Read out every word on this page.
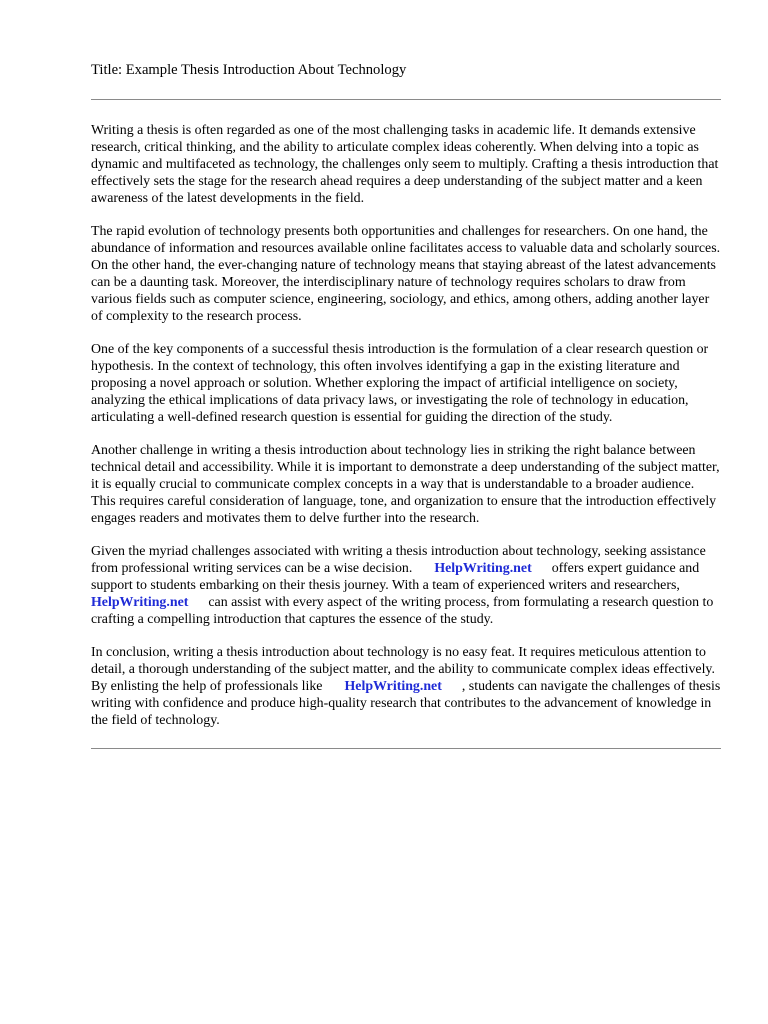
Title: Example Thesis Introduction About Technology

Writing a thesis is often regarded as one of the most challenging tasks in academic life. It demands extensive research, critical thinking, and the ability to articulate complex ideas coherently. When delving into a topic as dynamic and multifaceted as technology, the challenges only seem to multiply. Crafting a thesis introduction that effectively sets the stage for the research ahead requires a deep understanding of the subject matter and a keen awareness of the latest developments in the field.

The rapid evolution of technology presents both opportunities and challenges for researchers. On one hand, the abundance of information and resources available online facilitates access to valuable data and scholarly sources. On the other hand, the ever-changing nature of technology means that staying abreast of the latest advancements can be a daunting task. Moreover, the interdisciplinary nature of technology requires scholars to draw from various fields such as computer science, engineering, sociology, and ethics, among others, adding another layer of complexity to the research process.

One of the key components of a successful thesis introduction is the formulation of a clear research question or hypothesis. In the context of technology, this often involves identifying a gap in the existing literature and proposing a novel approach or solution. Whether exploring the impact of artificial intelligence on society, analyzing the ethical implications of data privacy laws, or investigating the role of technology in education, articulating a well-defined research question is essential for guiding the direction of the study.

Another challenge in writing a thesis introduction about technology lies in striking the right balance between technical detail and accessibility. While it is important to demonstrate a deep understanding of the subject matter, it is equally crucial to communicate complex concepts in a way that is understandable to a broader audience. This requires careful consideration of language, tone, and organization to ensure that the introduction effectively engages readers and motivates them to delve further into the research.

Given the myriad challenges associated with writing a thesis introduction about technology, seeking assistance from professional writing services can be a wise decision. HelpWriting.net offers expert guidance and support to students embarking on their thesis journey. With a team of experienced writers and researchers,HelpWriting.net can assist with every aspect of the writing process, from formulating a research question to crafting a compelling introduction that captures the essence of the study.

In conclusion, writing a thesis introduction about technology is no easy feat. It requires meticulous attention to detail, a thorough understanding of the subject matter, and the ability to communicate complex ideas effectively. By enlisting the help of professionals like HelpWriting.net , students can navigate the challenges of thesis writing with confidence and produce high-quality research that contributes to the advancement of knowledge in the field of technology.
